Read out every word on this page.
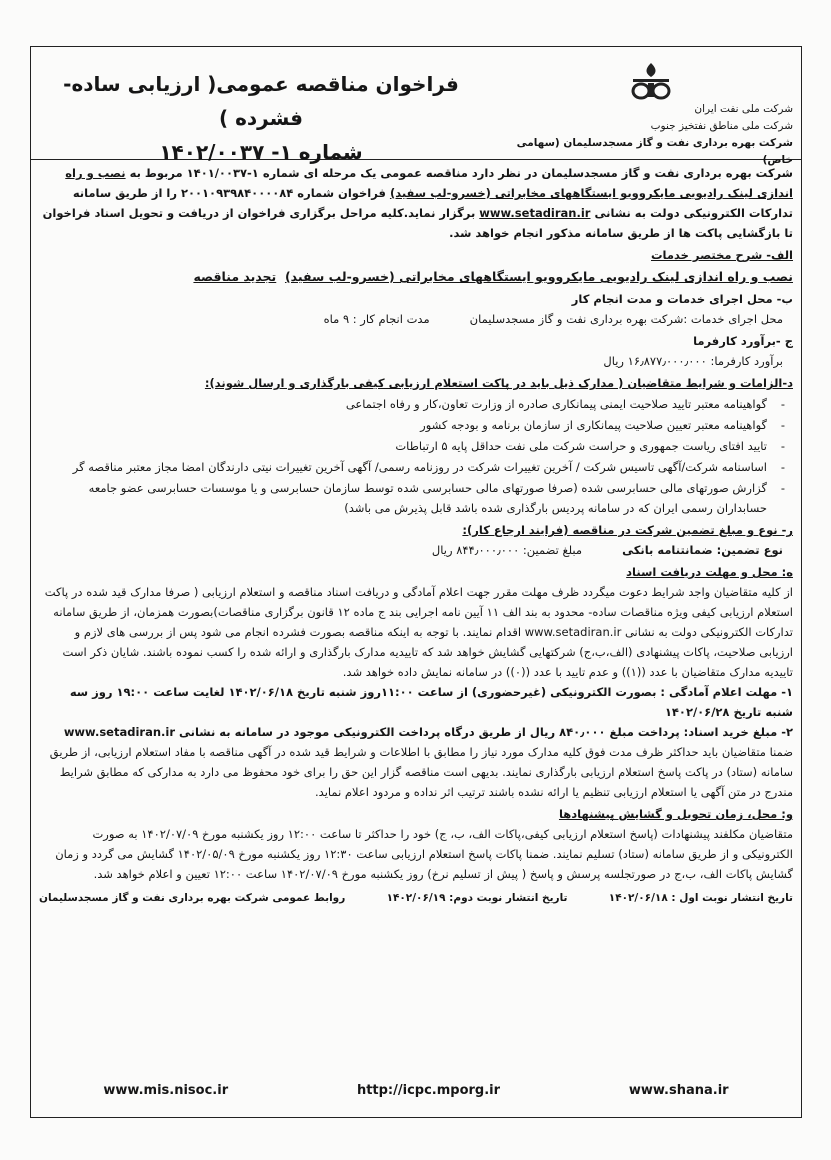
شرکت ملی نفت ایران
شرکت ملی مناطق نفتخیز جنوب
شرکت بهره برداری نفت و گاز مسجدسلیمان (سهامی خاص)
فراخوان مناقصه عمومی( ارزیابی ساده-فشرده )
شماره ۱- ۱۴۰۲/۰۰۳۷

شرکت بهره برداری نفت و گاز مسجدسلیمان در نظر دارد مناقصه عمومی یک مرحله ای شماره ۱-۱۴۰۱/۰۰۳۷ مربوط به نصب و راه اندازی لینک رادیویی مایکروویو ایستگاههای مخابراتی (خسرو-لب سفید) فراخوان شماره ۲۰۰۱۰۹۳۹۸۴۰۰۰۰۸۴ را از طریق سامانه تدارکات الکترونیکی دولت به نشانی www.setadiran.ir برگزار نماید.کلیه مراحل برگزاری فراخوان از دریافت و تحویل اسناد فراخوان تا بازگشایی پاکت ها از طریق سامانه مذکور انجام خواهد شد.

الف- شرح مختصر خدمات

نصب و راه اندازی لینک رادیویی مایکروویو ایستگاههای مخابراتی (خسرو-لب سفید)  تجدید مناقصه

ب- محل اجرای خدمات و مدت انجام کار

محل اجرای خدمات :شرکت بهره برداری نفت و گاز مسجدسلیمان
مدت انجام کار : ۹ ماه

ج -برآورد کارفرما

برآورد کارفرما: ۱۶٫۸۷۷٫۰۰۰٫۰۰۰ ریال

د-الزامات و شرایط متقاضیان ( مدارک ذیل باید در پاکت استعلام ارزیابی کیفی بارگذاری و ارسال شوند):

- گواهینامه معتبر تایید صلاحیت ایمنی پیمانکاری صادره از وزارت تعاون،کار و رفاه اجتماعی
- گواهینامه معتبر تعیین صلاحیت پیمانکاری از سازمان برنامه و بودجه کشور
- تایید افتای ریاست جمهوری و حراست شرکت ملی نفت حداقل پایه ۵ ارتباطات
- اساسنامه شرکت/آگهی تاسیس شرکت / آخرین تغییرات شرکت در روزنامه رسمی/ آگهی آخرین تغییرات نیتی دارندگان امضا مجاز معتبر مناقصه گر
- گزارش صورتهای مالی حسابرسی شده (صرفا صورتهای مالی حسابرسی شده توسط سازمان حسابرسی و یا موسسات حسابرسی عضو جامعه حسابداران رسمی ایران که در سامانه پردیس بارگذاری شده باشد قابل پذیرش می باشد)

ر- نوع و مبلغ تضمین شرکت در مناقصه (فرایند ارجاع کار):

نوع تضمین: ضمانتنامه بانکی
مبلغ تضمین: ۸۴۴٫۰۰۰٫۰۰۰ ریال

ه: محل و مهلت دریافت اسناد

از کلیه متقاضیان واجد شرایط دعوت میگردد ظرف مهلت مقرر جهت اعلام آمادگی و دریافت اسناد مناقصه و استعلام ارزیابی ( صرفا مدارک قید شده در پاکت استعلام ارزیابی کیفی ویژه مناقصات ساده- محدود به بند الف ۱۱ آیین نامه اجرایی بند ج ماده ۱۲ قانون برگزاری مناقصات)بصورت همزمان، از طریق سامانه تدارکات الکترونیکی دولت به نشانی www.setadiran.ir اقدام نمایند. با توجه به اینکه مناقصه بصورت فشرده انجام می شود پس از بررسی های لازم و ارزیابی صلاحیت، پاکات پیشنهادی (الف،ب،ج) شرکتهایی گشایش خواهد شد که تاییدیه مدارک بارگذاری و ارائه شده را کسب نموده باشند. شایان ذکر است تاییدیه مدارک متقاضیان با عدد ((۱)) و عدم تایید با عدد ((۰)) در سامانه نمایش داده خواهد شد.

۱- مهلت اعلام آمادگی : بصورت الکترونیکی (غیرحضوری) از ساعت ۱۱:۰۰روز شنبه تاریخ ۱۴۰۲/۰۶/۱۸ لغایت ساعت ۱۹:۰۰ روز سه شنبه تاریخ ۱۴۰۲/۰۶/۲۸

۲- مبلغ خرید اسناد: پرداخت مبلغ ۸۴۰٫۰۰۰ ریال از طریق درگاه پرداخت الکترونیکی موجود در سامانه به نشانی www.setadiran.ir

ضمنا متقاضیان باید حداکثر ظرف مدت فوق کلیه مدارک مورد نیاز را مطابق با اطلاعات و شرایط قید شده در آگهی مناقصه با مفاد استعلام ارزیابی، از طریق سامانه (ستاد) در پاکت پاسخ استعلام ارزیابی بارگذاری نمایند. بدیهی است مناقصه گزار این حق را برای خود محفوظ می دارد به مدارکی که مطابق شرایط مندرج در متن آگهی یا استعلام ارزیابی تنظیم یا ارائه نشده باشند ترتیب اثر نداده و مردود اعلام نماید.

و: محل، زمان تحویل و گشایش پیشنهادها

متقاضیان مکلفند پیشنهادات (پاسخ استعلام ارزیابی کیفی،پاکات الف، ب، ج) خود را حداکثر تا ساعت ۱۲:۰۰ روز یکشنبه مورخ ۱۴۰۲/۰۷/۰۹ به صورت الکترونیکی و از طریق سامانه (ستاد) تسلیم نمایند. ضمنا پاکات پاسخ استعلام ارزیابی ساعت ۱۲:۳۰ روز یکشنبه مورخ ۱۴۰۲/۰۵/۰۹ گشایش می گردد و زمان گشایش پاکات الف، ب،ج در صورتجلسه پرسش و پاسخ ( پیش از تسلیم نرخ) روز یکشنبه مورخ ۱۴۰۲/۰۷/۰۹ ساعت ۱۲:۰۰ تعیین و اعلام خواهد شد.

تاریخ انتشار نوبت اول : ۱۴۰۲/۰۶/۱۸
تاریخ انتشار نوبت دوم: ۱۴۰۲/۰۶/۱۹
روابط عمومی شرکت بهره برداری نفت و گاز مسجدسلیمان
www.mis.nisoc.ir	http://icpc.mporg.ir	www.shana.ir
